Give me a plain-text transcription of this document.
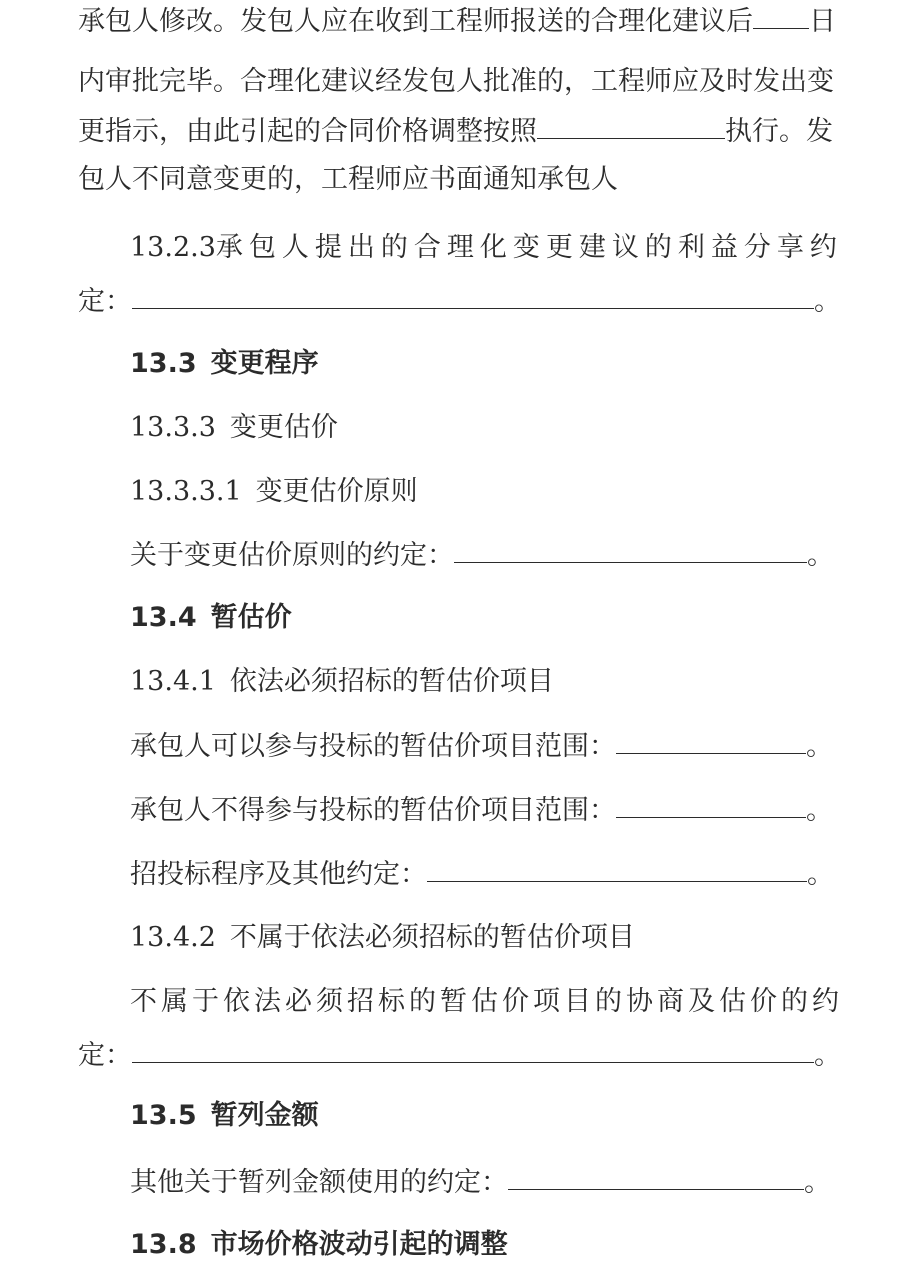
承包人修改。发包人应在收到工程师报送的合理化建议后 日
内审批完毕。合理化建议经发包人批准的，工程师应及时发出变
更指示，由此引起的合同价格调整按照	执行。发
包人不同意变更的，工程师应书面通知承包人
13.2.3 承包人提出的合理化变更建议的利益分享约
定：	。
13.3 变更程序
13.3.3 变更估价
13.3.3.1 变更估价原则
关于变更估价原则的约定：	。
13.4 暂估价
13.4.1 依法必须招标的暂估价项目
承包人可以参与投标的暂估价项目范围：	。
承包人不得参与投标的暂估价项目范围：	。
招投标程序及其他约定：	。
13.4.2 不属于依法必须招标的暂估价项目
不属于依法必须招标的暂估价项目的协商及估价的约
定：	。
13.5 暂列金额
其他关于暂列金额使用的约定：	。
13.8 市场价格波动引起的调整
